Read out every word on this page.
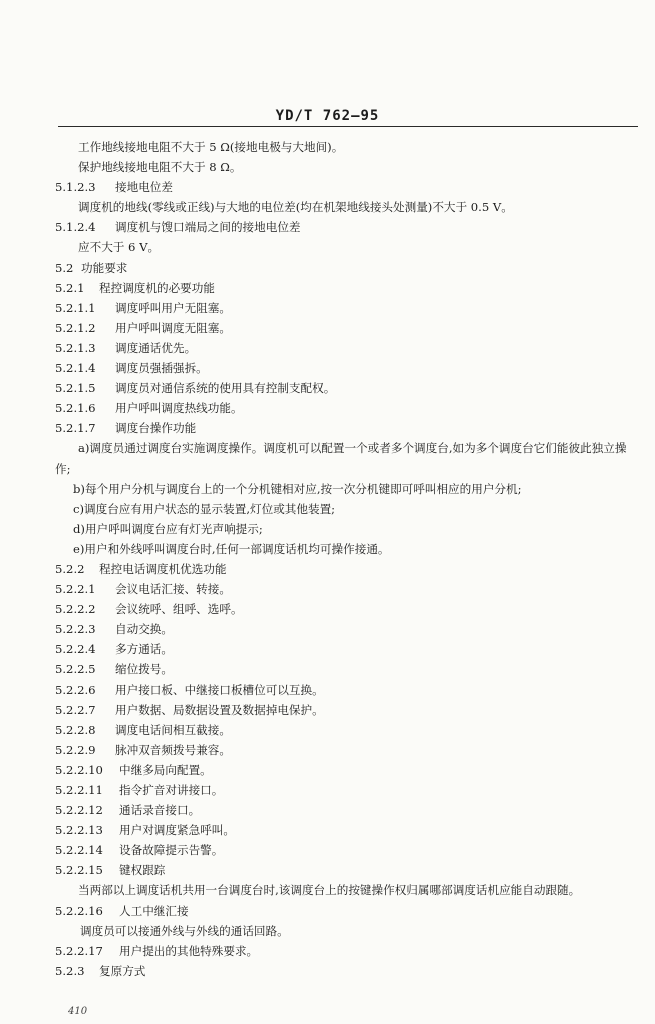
YD/T 762—95
工作地线接地电阻不大于 5 Ω(接地电极与大地间)。
保护地线接地电阻不大于 8 Ω。
5.1.2.3 接地电位差
调度机的地线(零线或正线)与大地的电位差(均在机架地线接头处测量)不大于 0.5 V。
5.1.2.4 调度机与馊口端局之间的接地电位差
应不大于 6 V。
5.2 功能要求
5.2.1 程控调度机的必要功能
5.2.1.1 调度呼叫用户无阻塞。
5.2.1.2 用户呼叫调度无阻塞。
5.2.1.3 调度通话优先。
5.2.1.4 调度员强插强拆。
5.2.1.5 调度员对通信系统的使用具有控制支配权。
5.2.1.6 用户呼叫调度热线功能。
5.2.1.7 调度台操作功能
a)调度员通过调度台实施调度操作。调度机可以配置一个或者多个调度台,如为多个调度台它们能彼此独立操作;
b)每个用户分机与调度台上的一个分机键相对应,按一次分机键即可呼叫相应的用户分机;
c)调度台应有用户状态的显示装置,灯位或其他装置;
d)用户呼叫调度台应有灯光声响提示;
e)用户和外线呼叫调度台时,任何一部调度话机均可操作接通。
5.2.2 程控电话调度机优选功能
5.2.2.1 会议电话汇接、转接。
5.2.2.2 会议统呼、组呼、选呼。
5.2.2.3 自动交换。
5.2.2.4 多方通话。
5.2.2.5 缩位拨号。
5.2.2.6 用户接口板、中继接口板槽位可以互换。
5.2.2.7 用户数据、局数据设置及数据掉电保护。
5.2.2.8 调度电话间相互截接。
5.2.2.9 脉冲双音频拨号兼容。
5.2.2.10 中继多局向配置。
5.2.2.11 指令扩音对讲接口。
5.2.2.12 通话录音接口。
5.2.2.13 用户对调度紧急呼叫。
5.2.2.14 设备故障提示告警。
5.2.2.15 键权跟踪
当两部以上调度话机共用一台调度台时,该调度台上的按键操作权归属哪部调度话机应能自动跟随。
5.2.2.16 人工中继汇接
调度员可以接通外线与外线的通话回路。
5.2.2.17 用户提出的其他特殊要求。
5.2.3 复原方式
410
